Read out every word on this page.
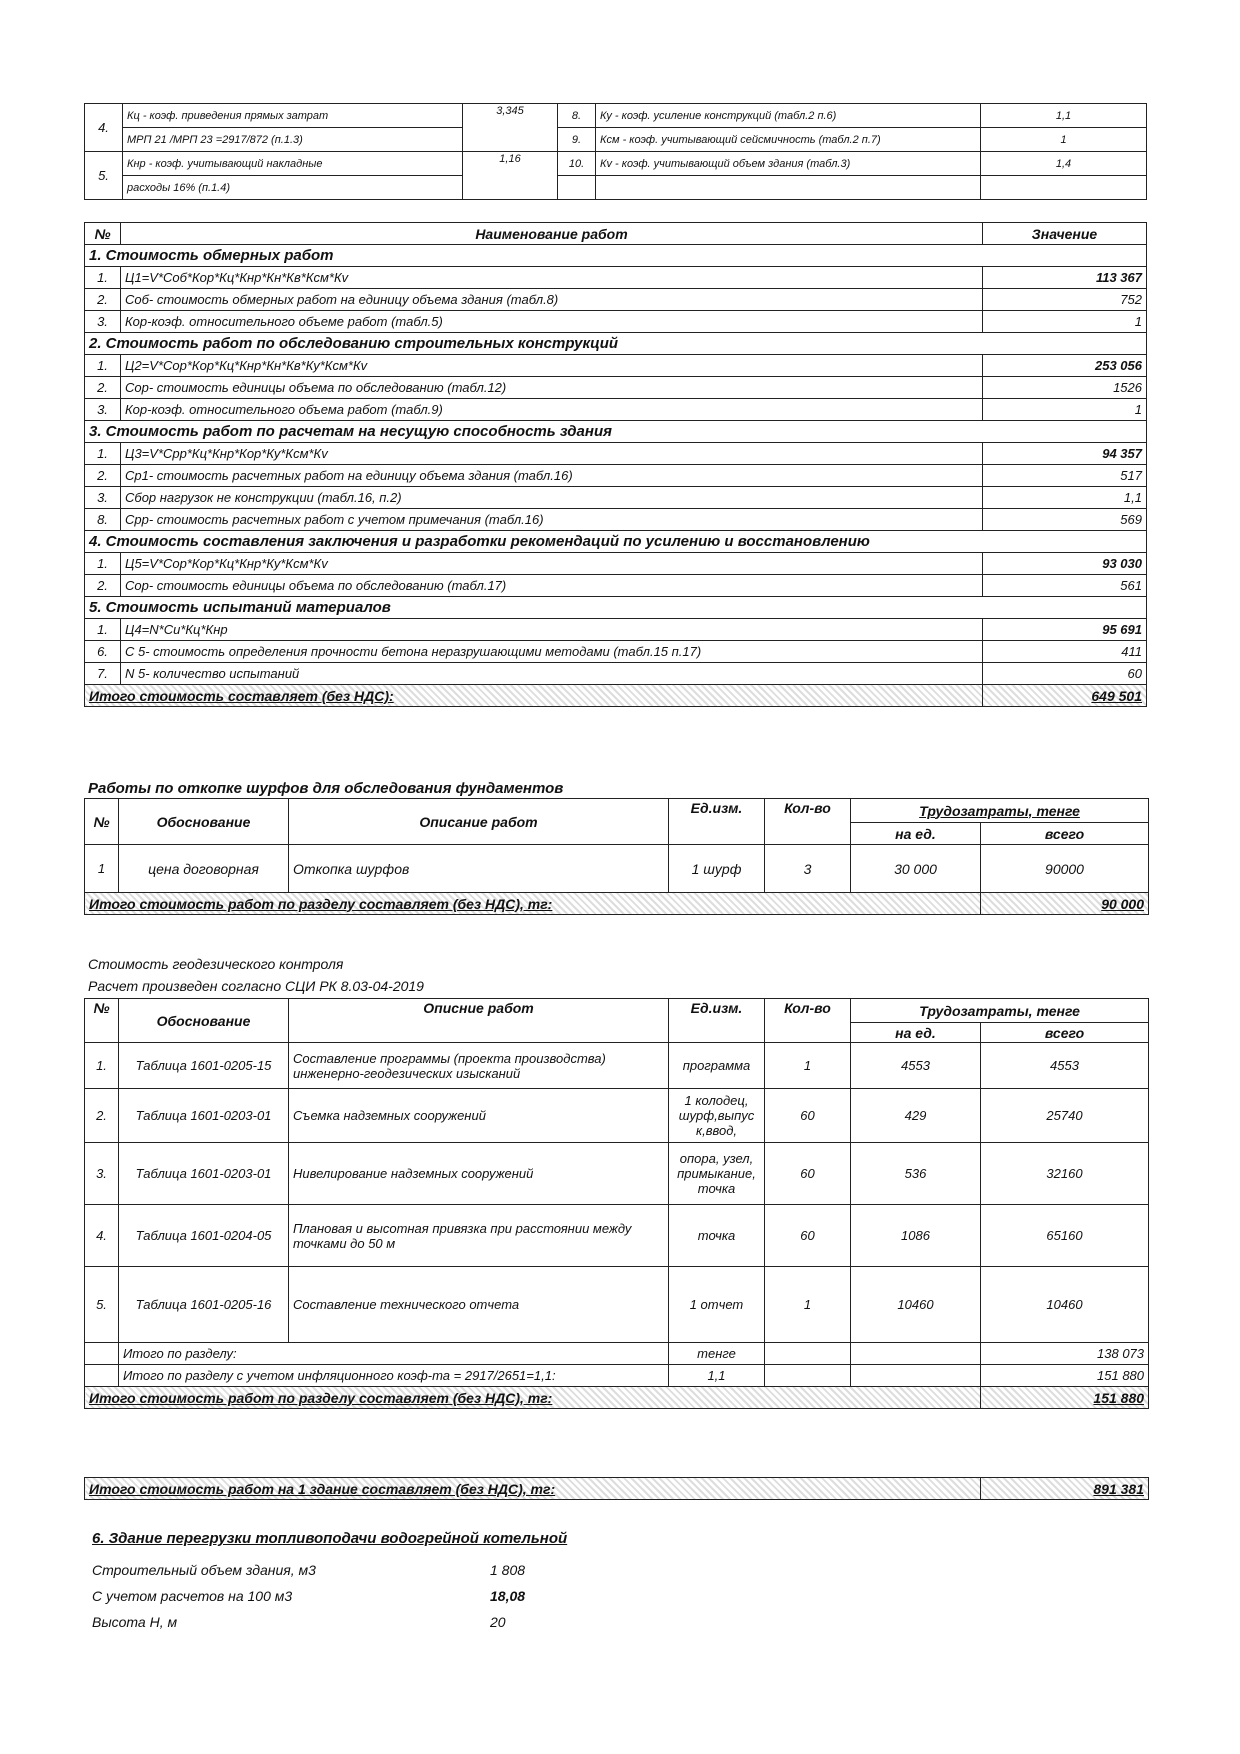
4.	Кц - коэф. приведения прямых затрат	3,345	8.	Ку - коэф. усиление конструкций (табл.2 п.6)	1,1
	МРП 21 /МРП 23 =2917/872 (п.1.3)		9.	Ксм - коэф. учитывающий сейсмичность (табл.2 п.7)	1
5.	Кнр - коэф. учитывающий накладные	1,16	10.	Кv - коэф. учитывающий объем здания (табл.3)	1,4
	расходы 16% (п.1.4)				
№	Наименование работ	Значение
1. Стоимость обмерных работ		
1.	Ц1=V*Соб*Кор*Кц*Кнр*Кн*Кв*Ксм*Кv	113 367
2.	Соб- стоимость обмерных работ на единицу объема здания (табл.8)	752
3.	Кор-коэф. относительного объеме работ (табл.5)	1
2. Стоимость работ по обследованию строительных конструкций		
1.	Ц2=V*Сор*Кор*Кц*Кнр*Кн*Кв*Ку*Ксм*Кv	253 056
2.	Сор- стоимость единицы объема по обследованию (табл.12)	1526
3.	Кор-коэф. относительного объема работ (табл.9)	1
3. Стоимость работ по расчетам на несущую способность здания		
1.	Ц3=V*Срр*Кц*Кнр*Кор*Ку*Ксм*Кv	94 357
2.	Ср1- стоимость расчетных работ на единицу объема здания (табл.16)	517
3.	Сбор нагрузок не конструкции (табл.16, п.2)	1,1
8.	Срр- стоимость расчетных работ с учетом примечания (табл.16)	569
4. Стоимость составления заключения и разработки рекомендаций по усилению и восстановлению		
1.	Ц5=V*Сор*Кор*Кц*Кнр*Ку*Ксм*Кv	93 030
2.	Сор- стоимость единицы объема по обследованию (табл.17)	561
5. Стоимость испытаний материалов		
1.	Ц4=N*Си*Кц*Кнр	95 691
6.	С 5- стоимость определения прочности бетона неразрушающими методами (табл.15 п.17)	411
7.	N 5- количество испытаний	60
Итого стоимость составляет (без НДС):		649 501
Работы по откопке шурфов для обследования фундаментов
№	Обоснование	Описание работ	Ед.изм.	Кол-во	Трудозатраты, тенге	
					на ед.	всего
1	цена договорная	Откопка шурфов	1 шурф	3	30 000	90000
Итого стоимость работ по разделу составляет (без НДС), тг:						90 000
Стоимость геодезического контроля
Расчет произведен согласно СЦИ РК 8.03-04-2019
№	Обоснование	Описние работ	Ед.изм.	Кол-во	Трудозатраты, тенге	
					на ед.	всего
1.	Таблица 1601-0205-15	Составление программы (проекта производства) инженерно-геодезических изысканий	программа	1	4553	4553
2.	Таблица 1601-0203-01	Съемка надземных сооружений	1 колодец, шурф,выпус к,ввод,	60	429	25740
3.	Таблица 1601-0203-01	Нивелирование надземных сооружений	опора, узел, примыкание, точка	60	536	32160
4.	Таблица 1601-0204-05	Плановая и высотная привязка при расстоянии между точками до 50 м	точка	60	1086	65160
5.	Таблица 1601-0205-16	Составление технического отчета	1 отчет	1	10460	10460
	Итого по разделу:		тенге			138 073
	Итого по разделу с учетом инфляционного коэф-та = 2917/2651=1,1:		1,1			151 880
Итого стоимость работ по разделу составляет (без НДС), тг:						151 880
Итого стоимость работ на 1 здание составляет (без НДС), тг:	891 381
6. Здание перегрузки топливоподачи водогрейной котельной
Строительный объем здания, м3	1 808
С учетом расчетов на 100 м3	18,08
Высота Н, м	20
